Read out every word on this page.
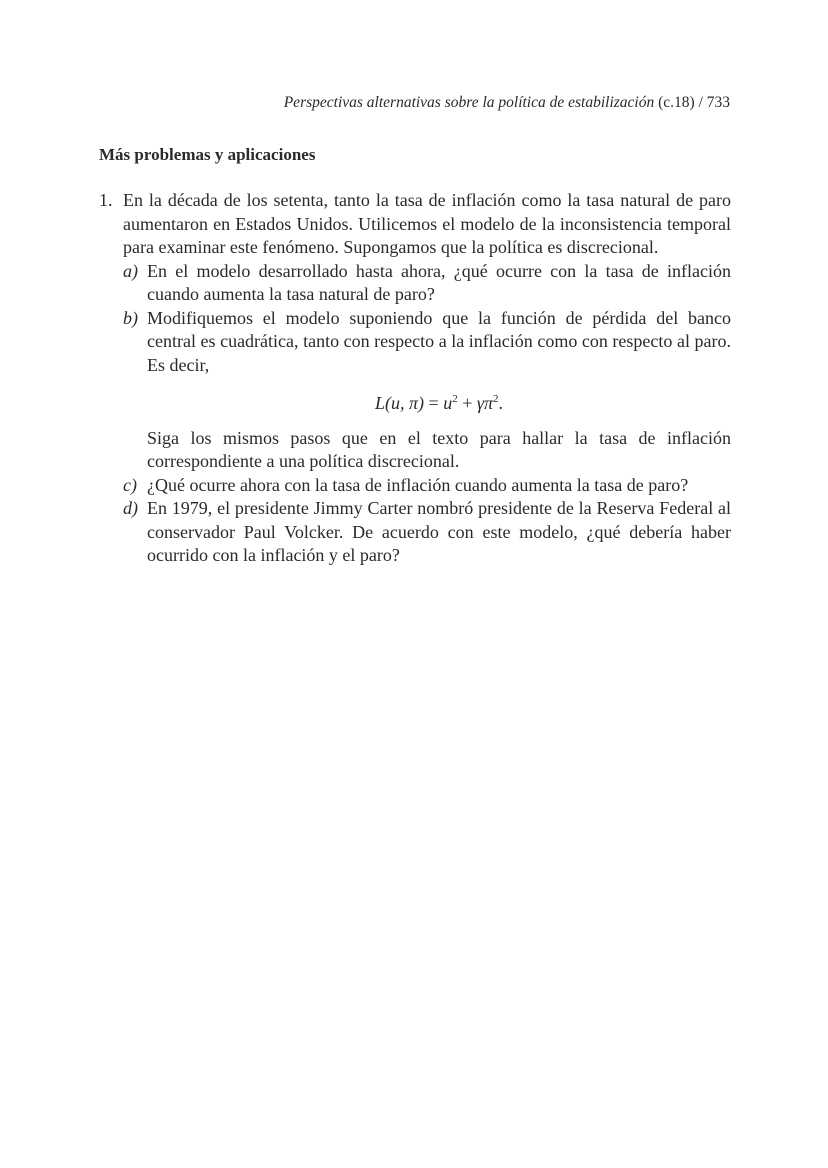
Perspectivas alternativas sobre la política de estabilización (c.18) / 733
Más problemas y aplicaciones
1. En la década de los setenta, tanto la tasa de inflación como la tasa natural de paro aumentaron en Estados Unidos. Utilicemos el modelo de la inconsistencia temporal para examinar este fenómeno. Supongamos que la política es discrecional.
a) En el modelo desarrollado hasta ahora, ¿qué ocurre con la tasa de inflación cuando aumenta la tasa natural de paro?
b) Modifiquemos el modelo suponiendo que la función de pérdida del banco central es cuadrática, tanto con respecto a la inflación como con respecto al paro. Es decir,
L(u, $\pi) = u^2 + \gamma\pi^2$.
Siga los mismos pasos que en el texto para hallar la tasa de inflación correspondiente a una política discrecional.
c) ¿Qué ocurre ahora con la tasa de inflación cuando aumenta la tasa de paro?
d) En 1979, el presidente Jimmy Carter nombró presidente de la Reserva Federal al conservador Paul Volcker. De acuerdo con este modelo, ¿qué debería haber ocurrido con la inflación y el paro?
